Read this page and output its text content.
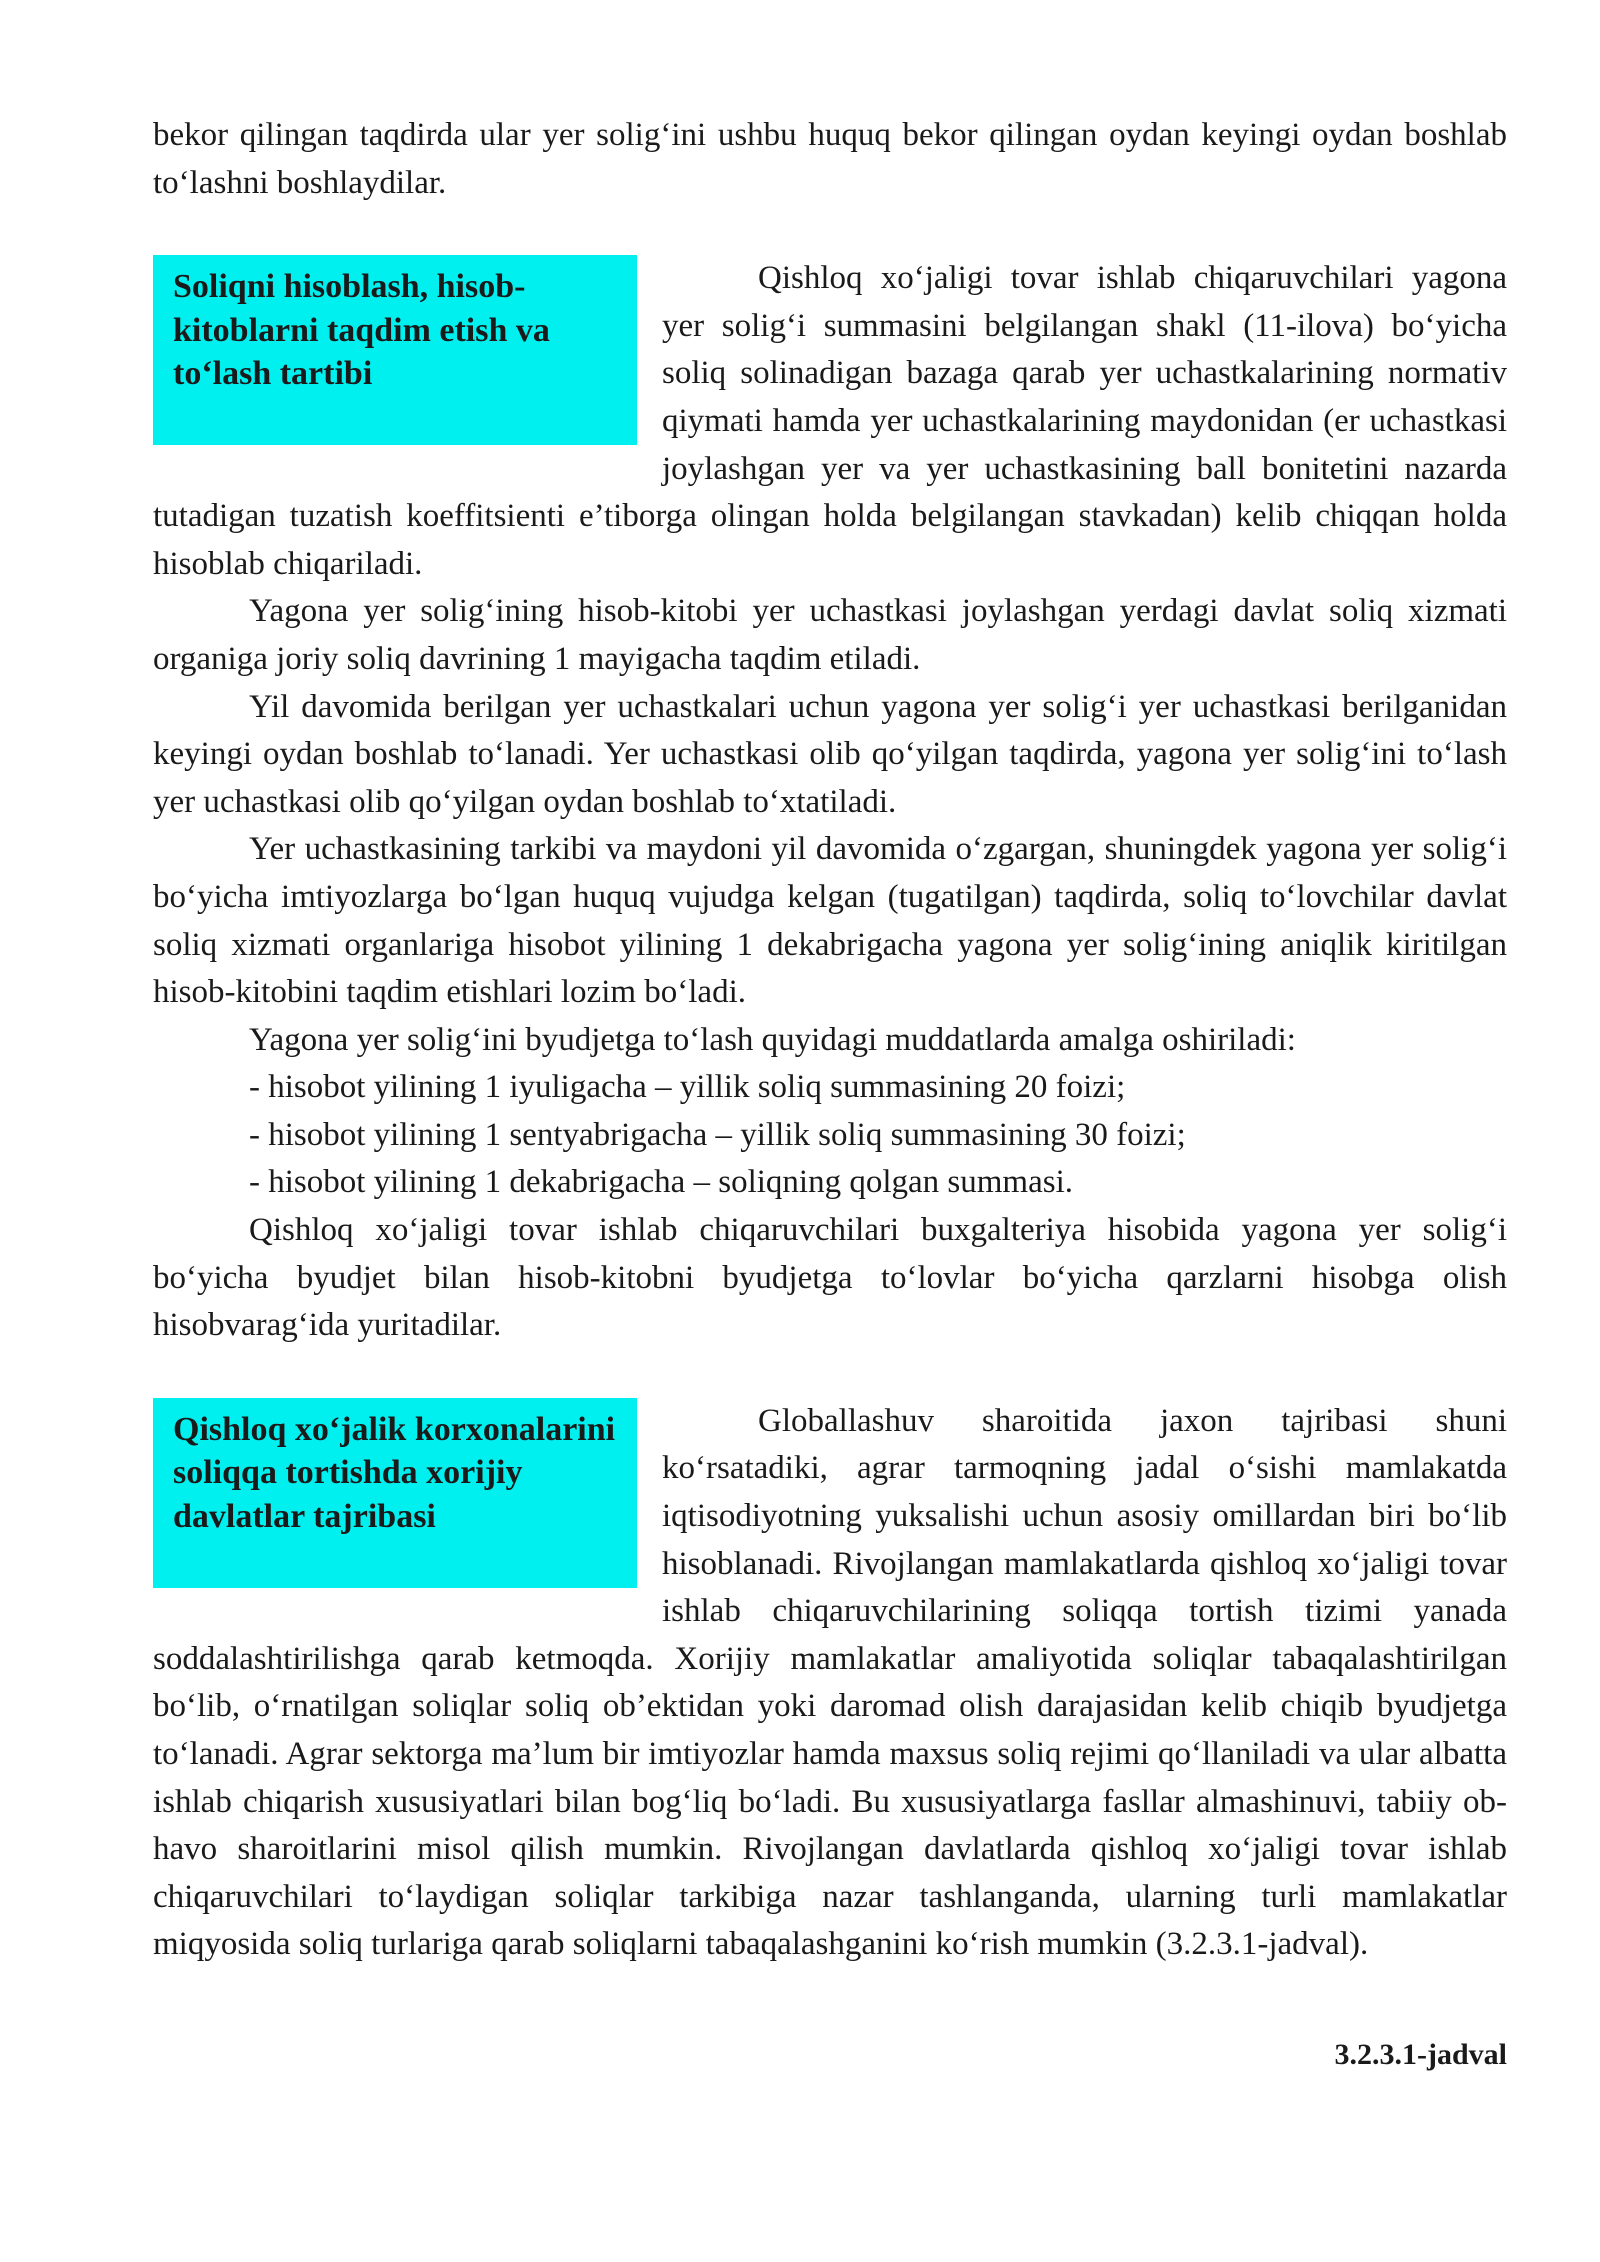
bekor qilingan taqdirda ular yer solig‘ini ushbu huquq bekor qilingan oydan keyingi oydan boshlab to‘lashni boshlaydilar.

Soliqni hisoblash, hisob-kitoblarni taqdim etish va to‘lash tartibi

Qishloq xo‘jaligi tovar ishlab chiqaruvchilari yagona yer solig‘i summasini belgilangan shakl (11-ilova) bo‘yicha soliq solinadigan bazaga qarab yer uchastkalarining normativ qiymati hamda yer uchastkalarining maydonidan (er uchastkasi joylashgan yer va yer uchastkasining ball bonitetini nazarda tutadigan tuzatish koeffitsienti e’tiborga olingan holda belgilangan stavkadan) kelib chiqqan holda hisoblab chiqariladi.

Yagona yer solig‘ining hisob-kitobi yer uchastkasi joylashgan yerdagi davlat soliq xizmati organiga joriy soliq davrining 1 mayigacha taqdim etiladi.

Yil davomida berilgan yer uchastkalari uchun yagona yer solig‘i yer uchastkasi berilganidan keyingi oydan boshlab to‘lanadi. Yer uchastkasi olib qo‘yilgan taqdirda, yagona yer solig‘ini to‘lash yer uchastkasi olib qo‘yilgan oydan boshlab to‘xtatiladi.

Yer uchastkasining tarkibi va maydoni yil davomida o‘zgargan, shuningdek yagona yer solig‘i bo‘yicha imtiyozlarga bo‘lgan huquq vujudga kelgan (tugatilgan) taqdirda, soliq to‘lovchilar davlat soliq xizmati organlariga hisobot yilining 1 dekabrigacha yagona yer solig‘ining aniqlik kiritilgan hisob-kitobini taqdim etishlari lozim bo‘ladi.

Yagona yer solig‘ini byudjetga to‘lash quyidagi muddatlarda amalga oshiriladi:

- hisobot yilining 1 iyuligacha – yillik soliq summasining 20 foizi;

- hisobot yilining 1 sentyabrigacha – yillik soliq summasining 30 foizi;

- hisobot yilining 1 dekabrigacha – soliqning qolgan summasi.

Qishloq xo‘jaligi tovar ishlab chiqaruvchilari buxgalteriya hisobida yagona yer solig‘i bo‘yicha byudjet bilan hisob-kitobni byudjetga to‘lovlar bo‘yicha qarzlarni hisobga olish hisobvarag‘ida yuritadilar.

Qishloq xo‘jalik korxonalarini soliqqa tortishda xorijiy davlatlar tajribasi

Globallashuv sharoitida jaxon tajribasi shuni ko‘rsatadiki, agrar tarmoqning jadal o‘sishi mamlakatda iqtisodiyotning yuksalishi uchun asosiy omillardan biri bo‘lib hisoblanadi. Rivojlangan mamlakatlarda qishloq xo‘jaligi tovar ishlab chiqaruvchilarining soliqqa tortish tizimi yanada soddalashtirilishga qarab ketmoqda. Xorijiy mamlakatlar amaliyotida soliqlar tabaqalashtirilgan bo‘lib, o‘rnatilgan soliqlar soliq ob’ektidan yoki daromad olish darajasidan kelib chiqib byudjetga to‘lanadi. Agrar sektorga ma’lum bir imtiyozlar hamda maxsus soliq rejimi qo‘llaniladi va ular albatta ishlab chiqarish xususiyatlari bilan bog‘liq bo‘ladi. Bu xususiyatlarga fasllar almashinuvi, tabiiy ob-havo sharoitlarini misol qilish mumkin. Rivojlangan davlatlarda qishloq xo‘jaligi tovar ishlab chiqaruvchilari to‘laydigan soliqlar tarkibiga nazar tashlanganda, ularning turli mamlakatlar miqyosida soliq turlariga qarab soliqlarni tabaqalashganini ko‘rish mumkin (3.2.3.1-jadval).

3.2.3.1-jadval
